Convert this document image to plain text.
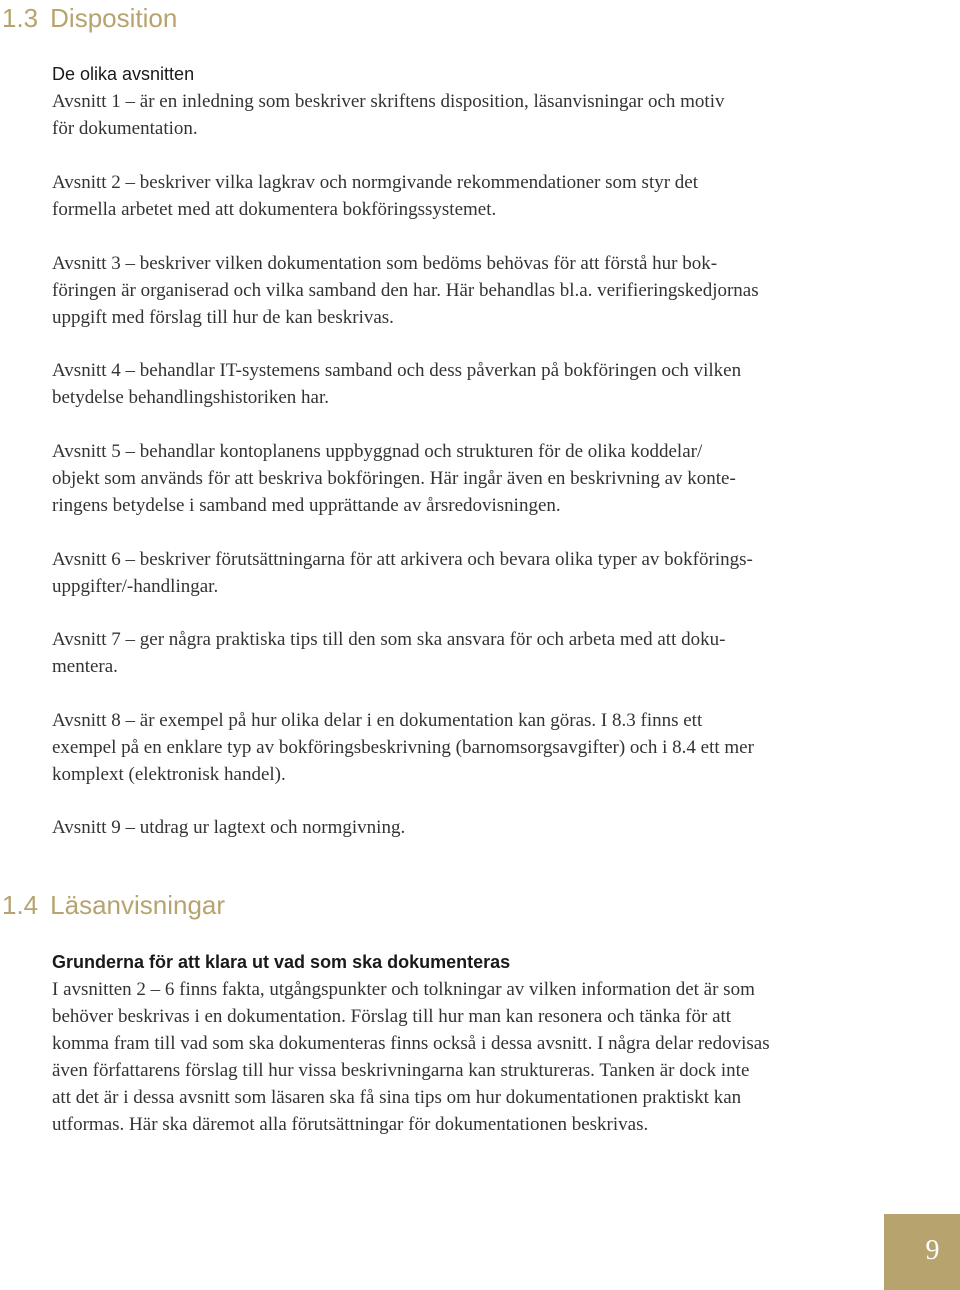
1.3 Disposition
De olika avsnitten

Avsnitt 1 – är en inledning som beskriver skriftens disposition, läsanvisningar och motiv
för dokumentation.

Avsnitt 2 – beskriver vilka lagkrav och normgivande rekommendationer som styr det
formella arbetet med att dokumentera bokföringssystemet.

Avsnitt 3 – beskriver vilken dokumentation som bedöms behövas för att förstå hur bok-
föringen är organiserad och vilka samband den har. Här behandlas bl.a. verifieringskedjornas
uppgift med förslag till hur de kan beskrivas.

Avsnitt 4 – behandlar IT-systemens samband och dess påverkan på bokföringen och vilken
betydelse behandlingshistoriken har.

Avsnitt 5 – behandlar kontoplanens uppbyggnad och strukturen för de olika koddelar/
objekt som används för att beskriva bokföringen. Här ingår även en beskrivning av konte-
ringens betydelse i samband med upprättande av årsredovisningen.

Avsnitt 6 – beskriver förutsättningarna för att arkivera och bevara olika typer av bokförings-
uppgifter/-handlingar.

Avsnitt 7 – ger några praktiska tips till den som ska ansvara för och arbeta med att doku-
mentera.

Avsnitt 8 – är exempel på hur olika delar i en dokumentation kan göras. I 8.3 finns ett
exempel på en enklare typ av bokföringsbeskrivning (barnomsorgsavgifter) och i 8.4 ett mer
komplext (elektronisk handel).

Avsnitt 9 – utdrag ur lagtext och normgivning.

1.4 Läsanvisningar
Grunderna för att klara ut vad som ska dokumenteras

I avsnitten 2 – 6 finns fakta, utgångspunkter och tolkningar av vilken information det är som
behöver beskrivas i en dokumentation. Förslag till hur man kan resonera och tänka för att
komma fram till vad som ska dokumenteras finns också i dessa avsnitt. I några delar redovisas
även författarens förslag till hur vissa beskrivningarna kan struktureras. Tanken är dock inte
att det är i dessa avsnitt som läsaren ska få sina tips om hur dokumentationen praktiskt kan
utformas. Här ska däremot alla förutsättningar för dokumentationen beskrivas.

9
